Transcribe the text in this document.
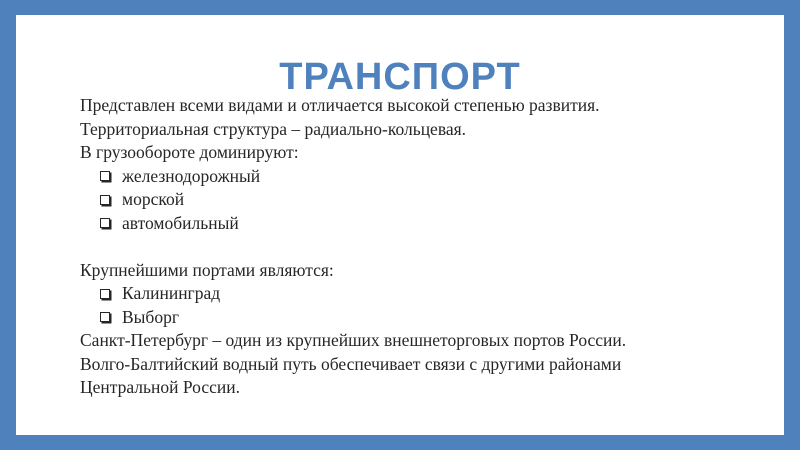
ТРАНСПОРТ
Представлен всеми видами и отличается высокой степенью развития.
Территориальная структура – радиально-кольцевая.
В грузообороте доминируют:
железнодорожный
морской
автомобильный
Крупнейшими портами являются:
Калининград
Выборг
Санкт-Петербург – один из крупнейших внешнеторговых портов России.
Волго-Балтийский водный путь обеспечивает связи с другими районами
Центральной России.
